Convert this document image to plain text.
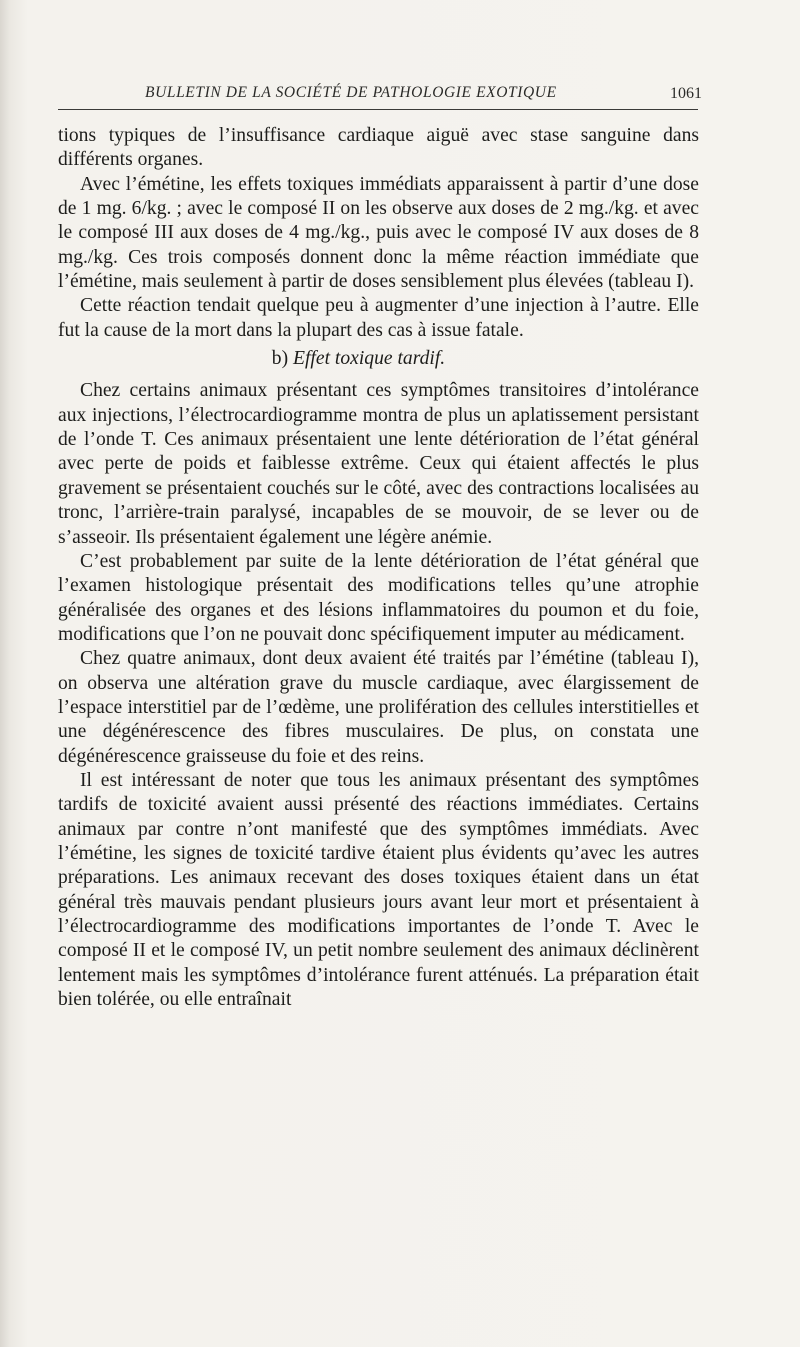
BULLETIN DE LA SOCIÉTÉ DE PATHOLOGIE EXOTIQUE	1061

tions typiques de l’insuffisance cardiaque aiguë avec stase sanguine dans différents organes.

Avec l’émétine, les effets toxiques immédiats apparaissent à partir d’une dose de 1 mg. 6/kg. ; avec le composé II on les observe aux doses de 2 mg./kg. et avec le composé III aux doses de 4 mg./kg., puis avec le composé IV aux doses de 8 mg./kg. Ces trois composés donnent donc la même réaction immédiate que l’émétine, mais seulement à partir de doses sensiblement plus élevées (tableau I).

Cette réaction tendait quelque peu à augmenter d’une injection à l’autre. Elle fut la cause de la mort dans la plupart des cas à issue fatale.

b) Effet toxique tardif.

Chez certains animaux présentant ces symptômes transitoires d’intolérance aux injections, l’électrocardiogramme montra de plus un aplatissement persistant de l’onde T. Ces animaux présentaient une lente détérioration de l’état général avec perte de poids et faiblesse extrême. Ceux qui étaient affectés le plus gravement se présentaient couchés sur le côté, avec des contractions localisées au tronc, l’arrière-train paralysé, incapables de se mouvoir, de se lever ou de s’asseoir. Ils présentaient également une légère anémie.

C’est probablement par suite de la lente détérioration de l’état général que l’examen histologique présentait des modifications telles qu’une atrophie généralisée des organes et des lésions inflammatoires du poumon et du foie, modifications que l’on ne pouvait donc spécifiquement imputer au médicament.

Chez quatre animaux, dont deux avaient été traités par l’émétine (tableau I), on observa une altération grave du muscle cardiaque, avec élargissement de l’espace interstitiel par de l’œdème, une prolifération des cellules interstitielles et une dégénérescence des fibres musculaires. De plus, on constata une dégénérescence graisseuse du foie et des reins.

Il est intéressant de noter que tous les animaux présentant des symptômes tardifs de toxicité avaient aussi présenté des réactions immédiates. Certains animaux par contre n’ont manifesté que des symptômes immédiats. Avec l’émétine, les signes de toxicité tardive étaient plus évidents qu’avec les autres préparations. Les animaux recevant des doses toxiques étaient dans un état général très mauvais pendant plusieurs jours avant leur mort et présentaient à l’électrocardiogramme des modifications importantes de l’onde T. Avec le composé II et le composé IV, un petit nombre seulement des animaux déclinèrent lentement mais les symptômes d’intolérance furent atténués. La préparation était bien tolérée, ou elle entraînait
